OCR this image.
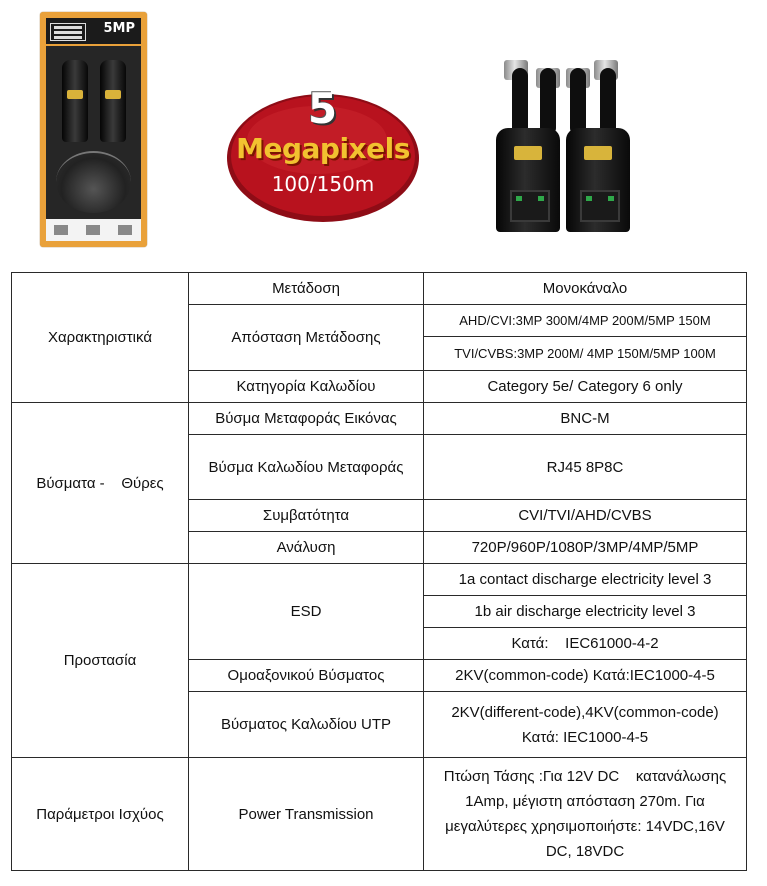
5MP
5
Megapixels
100/150m
Χαρακτηριστικά	Μετάδοση	Μονοκάναλο
	Απόσταση Μετάδοσης	AHD/CVI:3MP 300M/4MP 200M/5MP 150M
		TVI/CVBS:3MP 200M/ 4MP 150M/5MP 100M
	Κατηγορία Καλωδίου	Category 5e/ Category 6 only
Βύσματα -    Θύρες	Βύσμα Μεταφοράς Εικόνας	BNC-M
	Βύσμα Καλωδίου Μεταφοράς	RJ45 8P8C
	Συμβατότητα	CVI/TVI/AHD/CVBS
	Ανάλυση	720P/960P/1080P/3MP/4MP/5MP
Προστασία	ESD	1a contact discharge electricity level 3
		1b air discharge electricity level 3
		Κατά:    IEC61000-4-2
	Ομοαξονικού Βύσματος	2KV(common-code) Κατά:IEC1000-4-5
	Βύσματος Καλωδίου UTP	2KV(different-code),4KV(common-code)
Κατά: IEC1000-4-5

Παράμετροι Ισχύος	Power Transmission	Πτώση Τάσης :Για 12V DC    κατανάλωσης
1Amp, μέγιστη απόσταση 270m. Για
μεγαλύτερες χρησιμοποιήστε: 14VDC,16V
DC, 18VDC
